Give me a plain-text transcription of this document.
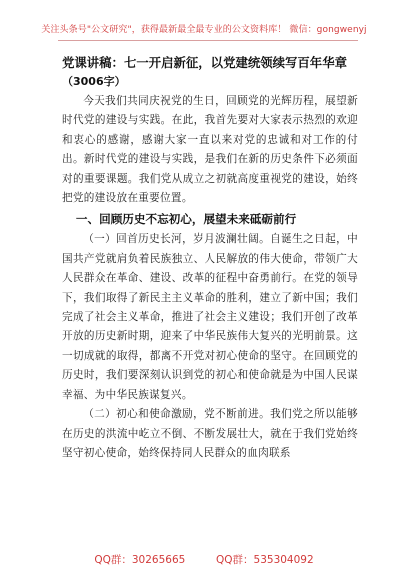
关注头条号"公文研究"，获得最新最全最专业的公文资料库！ 微信：gongwenyj

党课讲稿：七一开启新征，以党建统领续写百年华章

（3006字）

今天我们共同庆祝党的生日，回顾党的光辉历程，展望新时代党的建设与实践。在此，我首先要对大家表示热烈的欢迎和衷心的感谢，感谢大家一直以来对党的忠诚和对工作的付出。新时代党的建设与实践，是我们在新的历史条件下必须面对的重要课题。我们党从成立之初就高度重视党的建设，始终把党的建设放在重要位置。

一、回顾历史不忘初心，展望未来砥砺前行

（一）回首历史长河，岁月波澜壮阔。自诞生之日起，中国共产党就肩负着民族独立、人民解放的伟大使命，带领广大人民群众在革命、建设、改革的征程中奋勇前行。在党的领导下，我们取得了新民主主义革命的胜利，建立了新中国；我们完成了社会主义革命，推进了社会主义建设；我们开创了改革开放的历史新时期，迎来了中华民族伟大复兴的光明前景。这一切成就的取得，都离不开党对初心使命的坚守。在回顾党的历史时，我们要深刻认识到党的初心和使命就是为中国人民谋幸福、为中华民族谋复兴。

（二）初心和使命激励，党不断前进。我们党之所以能够在历史的洪流中屹立不倒、不断发展壮大，就在于我们党始终坚守初心使命，始终保持同人民群众的血肉联系

QQ群：30265665	QQ群：535304092
